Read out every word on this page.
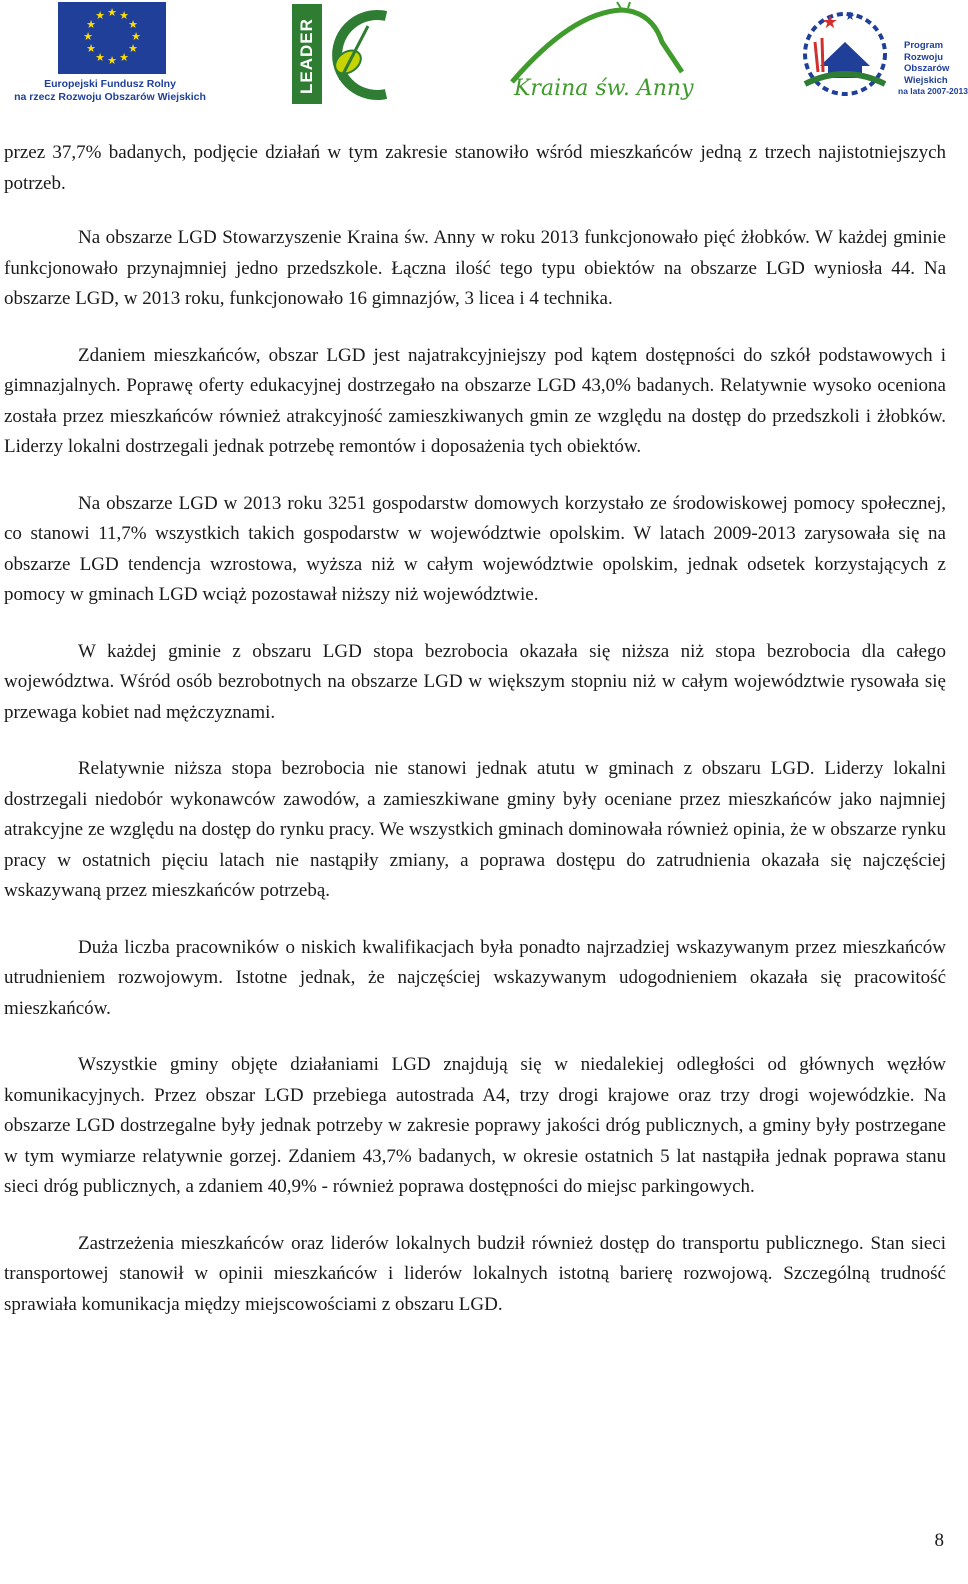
★ ★
★
★
★
★
★
★
★
★
★
★
Europejski Fundusz Rolny
na rzecz Rozwoju Obszarów Wiejskich
LEADER	Kraina św. Anny
★ ★
Program
Rozwoju
Obszarów
Wiejskich
na lata 2007-2013

przez 37,7% badanych, podjęcie działań w tym zakresie stanowiło wśród mieszkańców jedną z trzech najistotniejszych potrzeb.

Na obszarze LGD Stowarzyszenie Kraina św. Anny w roku 2013 funkcjonowało pięć żłobków. W każdej gminie funkcjonowało przynajmniej jedno przedszkole. Łączna ilość tego typu obiektów na obszarze LGD wyniosła 44. Na obszarze LGD, w 2013 roku, funkcjonowało 16 gimnazjów, 3 licea i 4 technika.

Zdaniem mieszkańców, obszar LGD jest najatrakcyjniejszy pod kątem dostępności do szkół podstawowych i gimnazjalnych. Poprawę oferty edukacyjnej dostrzegało na obszarze LGD 43,0% badanych. Relatywnie wysoko oceniona została przez mieszkańców również atrakcyjność zamieszkiwanych gmin ze względu na dostęp do przedszkoli i żłobków. Liderzy lokalni dostrzegali jednak potrzebę remontów i doposażenia tych obiektów.

Na obszarze LGD w 2013 roku 3251 gospodarstw domowych korzystało ze środowiskowej pomocy społecznej, co stanowi 11,7% wszystkich takich gospodarstw w województwie opolskim. W latach 2009-2013 zarysowała się na obszarze LGD tendencja wzrostowa, wyższa niż w całym województwie opolskim, jednak odsetek korzystających z pomocy w gminach LGD wciąż pozostawał niższy niż województwie.

W każdej gminie z obszaru LGD stopa bezrobocia okazała się niższa niż stopa bezrobocia dla całego województwa. Wśród osób bezrobotnych na obszarze LGD w większym stopniu niż w całym województwie rysowała się przewaga kobiet nad mężczyznami.

Relatywnie niższa stopa bezrobocia nie stanowi jednak atutu w gminach z obszaru LGD. Liderzy lokalni dostrzegali niedobór wykonawców zawodów, a zamieszkiwane gminy były oceniane przez mieszkańców jako najmniej atrakcyjne ze względu na dostęp do rynku pracy. We wszystkich gminach dominowała również opinia, że w obszarze rynku pracy w ostatnich pięciu latach nie nastąpiły zmiany, a poprawa dostępu do zatrudnienia okazała się najczęściej wskazywaną przez mieszkańców potrzebą.

Duża liczba pracowników o niskich kwalifikacjach była ponadto najrzadziej wskazywanym przez mieszkańców utrudnieniem rozwojowym. Istotne jednak, że najczęściej wskazywanym udogodnieniem okazała się pracowitość mieszkańców.

Wszystkie gminy objęte działaniami LGD znajdują się w niedalekiej odległości od głównych węzłów komunikacyjnych. Przez obszar LGD przebiega autostrada A4, trzy drogi krajowe oraz trzy drogi wojewódzkie. Na obszarze LGD dostrzegalne były jednak potrzeby w zakresie poprawy jakości dróg publicznych, a gminy były postrzegane w tym wymiarze relatywnie gorzej. Zdaniem 43,7% badanych, w okresie ostatnich 5 lat nastąpiła jednak poprawa stanu sieci dróg publicznych, a zdaniem 40,9% - również poprawa dostępności do miejsc parkingowych.

Zastrzeżenia mieszkańców oraz liderów lokalnych budził również dostęp do transportu publicznego. Stan sieci transportowej stanowił w opinii mieszkańców i liderów lokalnych istotną barierę rozwojową. Szczególną trudność sprawiała komunikacja między miejscowościami z obszaru LGD.

8
